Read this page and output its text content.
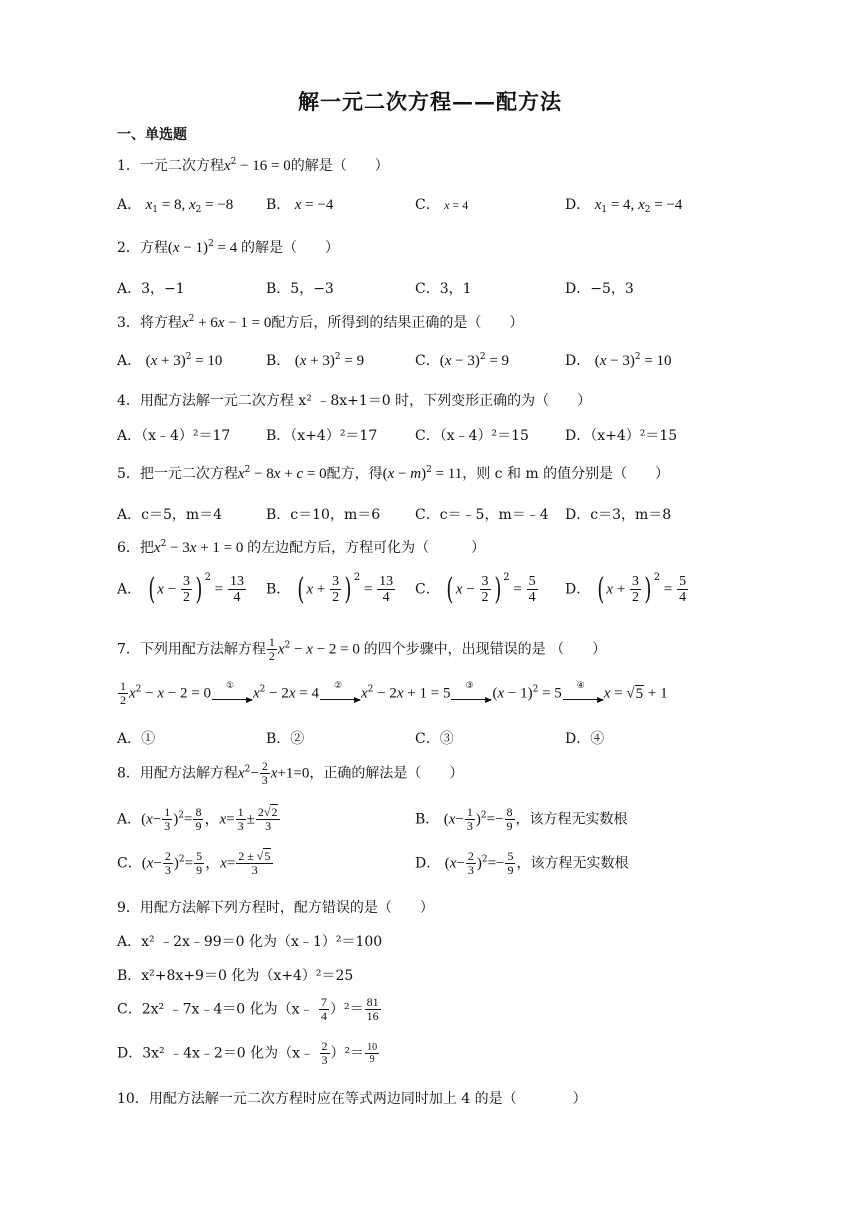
解一元二次方程——配方法
一、单选题
1．一元二次方程$x^2 - 16 = 0$的解是（　　）
A． $x_1 = 8$, $x_2 = -8$ B． x = −4	C． x = 4	D． $x_1 = 4$, $x_2 = -4$
2．方程$(x - 1)^2 = 4$ 的解是（　　）
A．3，−1	B．5，−3	C．3，1	D．−5，3
3．将方程$x^2 + 6x - 1 = 0$配方后，所得到的结果正确的是（　　）
A． $(x + 3)^2 = 10$	B． $(x + 3)^2 = 9$	C．$(x - 3)^2 = 9$	D． $(x - 3)^2 = 10$
4．用配方法解一元二次方程 x² ﹣8x+1＝0 时，下列变形正确的为（　　）
A．（x﹣4）²＝17	B．（x+4）²＝17	C．（x﹣4）²＝15	D．（x+4）²＝15
5．把一元二次方程$x^2 - 8x + c = 0$配方，得$(x - m)^2 = 11$，则 c 和 m 的值分别是（　　）
A．c＝5，m＝4	B．c＝10，m＝6 C．c＝﹣5，m＝﹣4 D．c＝3，m＝8
6．把$x^2 - 3x + 1 = 0$ 的左边配方后，方程可化为（　　　）
A． ( $x - \frac{3}{2}$ ) $^2 = \frac{13}{4}$ B． ( $x + \frac{3}{2}$ ) $^2 = \frac{13}{4}$ C． ( $x - \frac{3}{2}$ ) $^2 = \frac{5}{4}$ D． ( $x + \frac{3}{2}$ ) $^2 = \frac{5}{4}$
7．下列用配方法解方程 $\frac{1}{2} x^2 - x - 2 = 0$ 的四个步骤中，出现错误的是 （　　）
$\frac{1}{2} x^2 - x - 2 = 0$ ① $x^2 - 2x = 4$ ② $x^2 - 2x + 1 = 5$ ③ $(x - 1)^2 = 5$ ④ x = √5 + 1
A．①	B．②	C．③	D．④
8．用配方法解方程$x^2- \frac{2}{3} x+1=0$，正确的解法是（　　）
A．$(x- \frac{1}{3} )^2= \frac{8}{9}$ ，$x= \frac{1}{3} \pm \frac{2√2}{3}$	B． $(x- \frac{1}{3} )^2=- \frac{8}{9}$ ，该方程无实数根
C．$(x- \frac{2}{3} )^2= \frac{5}{9}$ ，$x= \frac{2 \pm √5}{3}$	D． $(x- \frac{2}{3} )^2=- \frac{5}{9}$ ，该方程无实数根
9．用配方法解下列方程时，配方错误的是（　　）
A．x² ﹣2x﹣99＝0 化为（x﹣1）²＝100
B．x²+8x+9＝0 化为（x+4）²＝25
C．2x² ﹣7x﹣4＝0 化为（x﹣ $\frac{7}{4} )^2= \frac{81}{16}$
D．3x² ﹣4x﹣2＝0 化为（x﹣ $\frac{2}{3} )^2= \frac{10}{9}$
10．用配方法解一元二次方程时应在等式两边同时加上 4 的是（　　　　）
